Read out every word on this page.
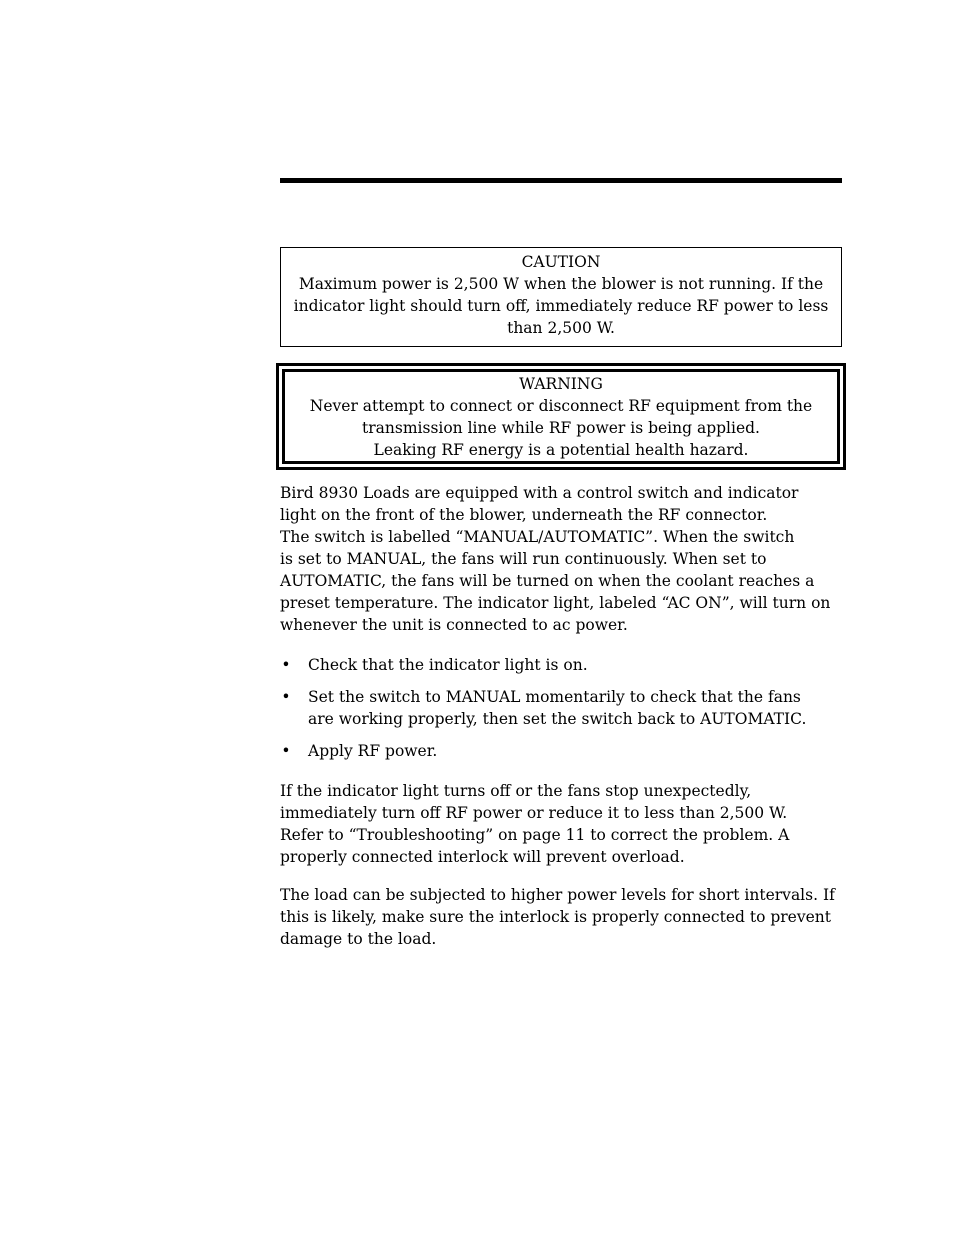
CAUTION
Maximum power is 2,500 W when the blower is not running. If the
indicator light should turn off, immediately reduce RF power to less
than 2,500 W.
WARNING
Never attempt to connect or disconnect RF equipment from the
transmission line while RF power is being applied.
Leaking RF energy is a potential health hazard.
Bird 8930 Loads are equipped with a control switch and indicator
light on the front of the blower, underneath the RF connector.
The switch is labelled “MANUAL/AUTOMATIC”. When the switch
is set to MANUAL, the fans will run continuously. When set to
AUTOMATIC, the fans will be turned on when the coolant reaches a
preset temperature. The indicator light, labeled “AC ON”, will turn on
whenever the unit is connected to ac power.
• Check that the indicator light is on.
• Set the switch to MANUAL momentarily to check that the fans
are working properly, then set the switch back to AUTOMATIC.
• Apply RF power.
If the indicator light turns off or the fans stop unexpectedly,
immediately turn off RF power or reduce it to less than 2,500 W.
Refer to “Troubleshooting” on page 11 to correct the problem. A
properly connected interlock will prevent overload.
The load can be subjected to higher power levels for short intervals. If
this is likely, make sure the interlock is properly connected to prevent
damage to the load.
